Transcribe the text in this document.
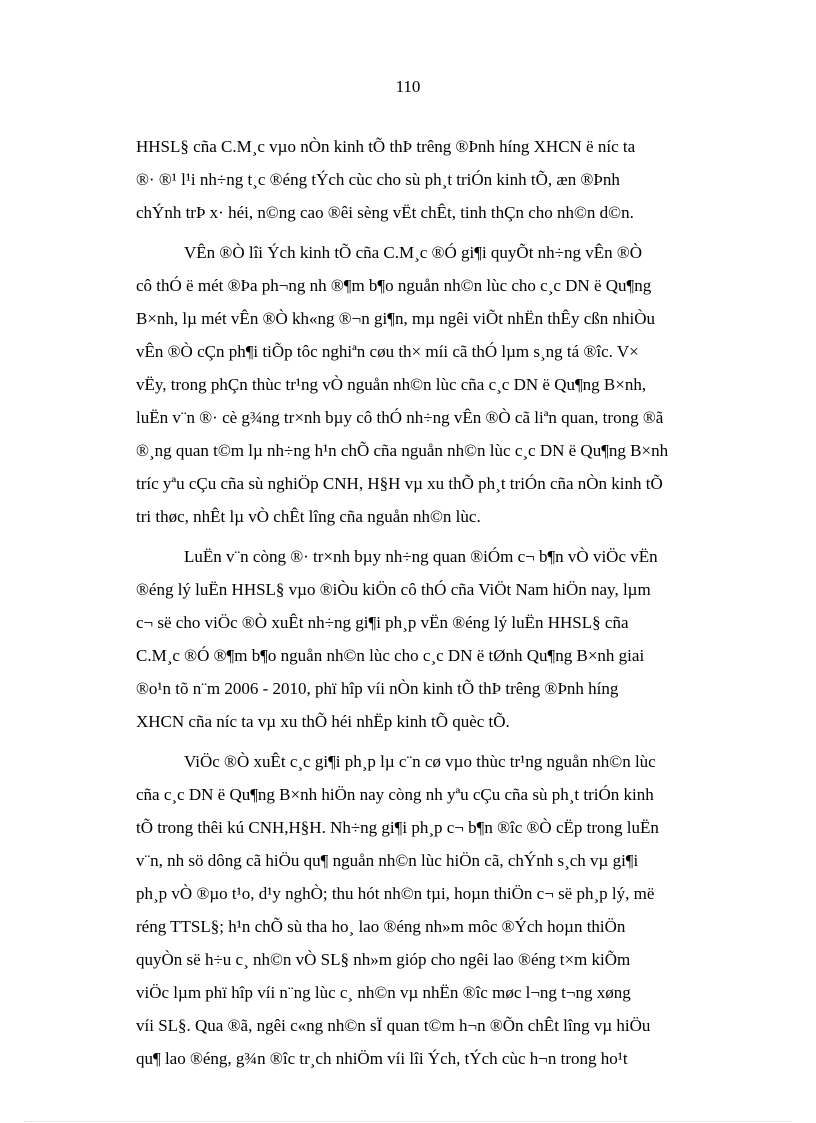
110

HHSL§ cña C.M¸c vµo nÒn kinh tÕ thÞ trêng ®Þnh híng XHCN ë níc ta
®· ®¹ l¹i nh÷ng t¸c ®éng tÝch cùc cho sù ph¸t triÓn kinh tÕ, æn ®Þnh
chÝnh trÞ x· héi, n©ng cao ®êi sèng vËt chÊt, tinh thÇn cho nh©n d©n.

VÊn ®Ò lîi Ých kinh tÕ cña C.M¸c ®Ó gi¶i quyÕt nh÷ng vÊn ®Ò
cô thÓ ë mét ®Þa ph¬ng nh ®¶m b¶o nguån nh©n lùc cho c¸c DN ë Qu¶ng
B×nh, lµ mét vÊn ®Ò kh«ng ®¬n gi¶n, mµ ngêi viÕt nhËn thÊy cßn nhiÒu
vÊn ®Ò cÇn ph¶i tiÕp tôc nghiªn cøu th× míi cã thÓ lµm s¸ng tá ®îc. V×
vËy, trong phÇn thùc tr¹ng vÒ nguån nh©n lùc cña c¸c DN ë Qu¶ng B×nh,
luËn v¨n ®· cè g¾ng tr×nh bµy cô thÓ nh÷ng vÊn ®Ò cã liªn quan, trong ®ã
®¸ng quan t©m lµ nh÷ng h¹n chÕ cña nguån nh©n lùc c¸c DN ë Qu¶ng B×nh
tríc yªu cÇu cña sù nghiÖp CNH, H§H vµ xu thÕ ph¸t triÓn cña nÒn kinh tÕ
tri thøc, nhÊt lµ vÒ chÊt lîng cña nguån nh©n lùc.

LuËn v¨n còng ®· tr×nh bµy nh÷ng quan ®iÓm c¬ b¶n vÒ viÖc vËn
®éng lý luËn HHSL§ vµo ®iÒu kiÖn cô thÓ cña ViÖt Nam hiÖn nay, lµm
c¬ së cho viÖc ®Ò xuÊt nh÷ng gi¶i ph¸p vËn ®éng lý luËn HHSL§ cña
C.M¸c ®Ó ®¶m b¶o nguån nh©n lùc cho c¸c DN ë tØnh Qu¶ng B×nh giai
®o¹n tõ n¨m 2006 - 2010, phï hîp víi nÒn kinh tÕ thÞ trêng ®Þnh híng
XHCN cña níc ta vµ xu thÕ héi nhËp kinh tÕ quèc tÕ.

ViÖc ®Ò xuÊt c¸c gi¶i ph¸p lµ c¨n cø vµo thùc tr¹ng nguån nh©n lùc
cña c¸c DN ë Qu¶ng B×nh hiÖn nay còng nh yªu cÇu cña sù ph¸t triÓn kinh
tÕ trong thêi kú CNH,H§H. Nh÷ng gi¶i ph¸p c¬ b¶n ®îc ®Ò cËp trong luËn
v¨n, nh sö dông cã hiÖu qu¶ nguån nh©n lùc hiÖn cã, chÝnh s¸ch vµ gi¶i
ph¸p vÒ ®µo t¹o, d¹y nghÒ; thu hót nh©n tµi, hoµn thiÖn c¬ së ph¸p lý, më
réng TTSL§; h¹n chÕ sù tha ho¸ lao ®éng nh»m môc ®Ých hoµn thiÖn
quyÒn së h÷u c¸ nh©n vÒ SL§ nh»m gióp cho ngêi lao ®éng t×m kiÕm
viÖc lµm phï hîp víi n¨ng lùc c¸ nh©n vµ nhËn ®îc møc l¬ng t¬ng xøng
víi SL§. Qua ®ã, ngêi c«ng nh©n sÏ quan t©m h¬n ®Õn chÊt lîng vµ hiÖu
qu¶ lao ®éng, g¾n ®îc tr¸ch nhiÖm víi lîi Ých, tÝch cùc h¬n trong ho¹t
